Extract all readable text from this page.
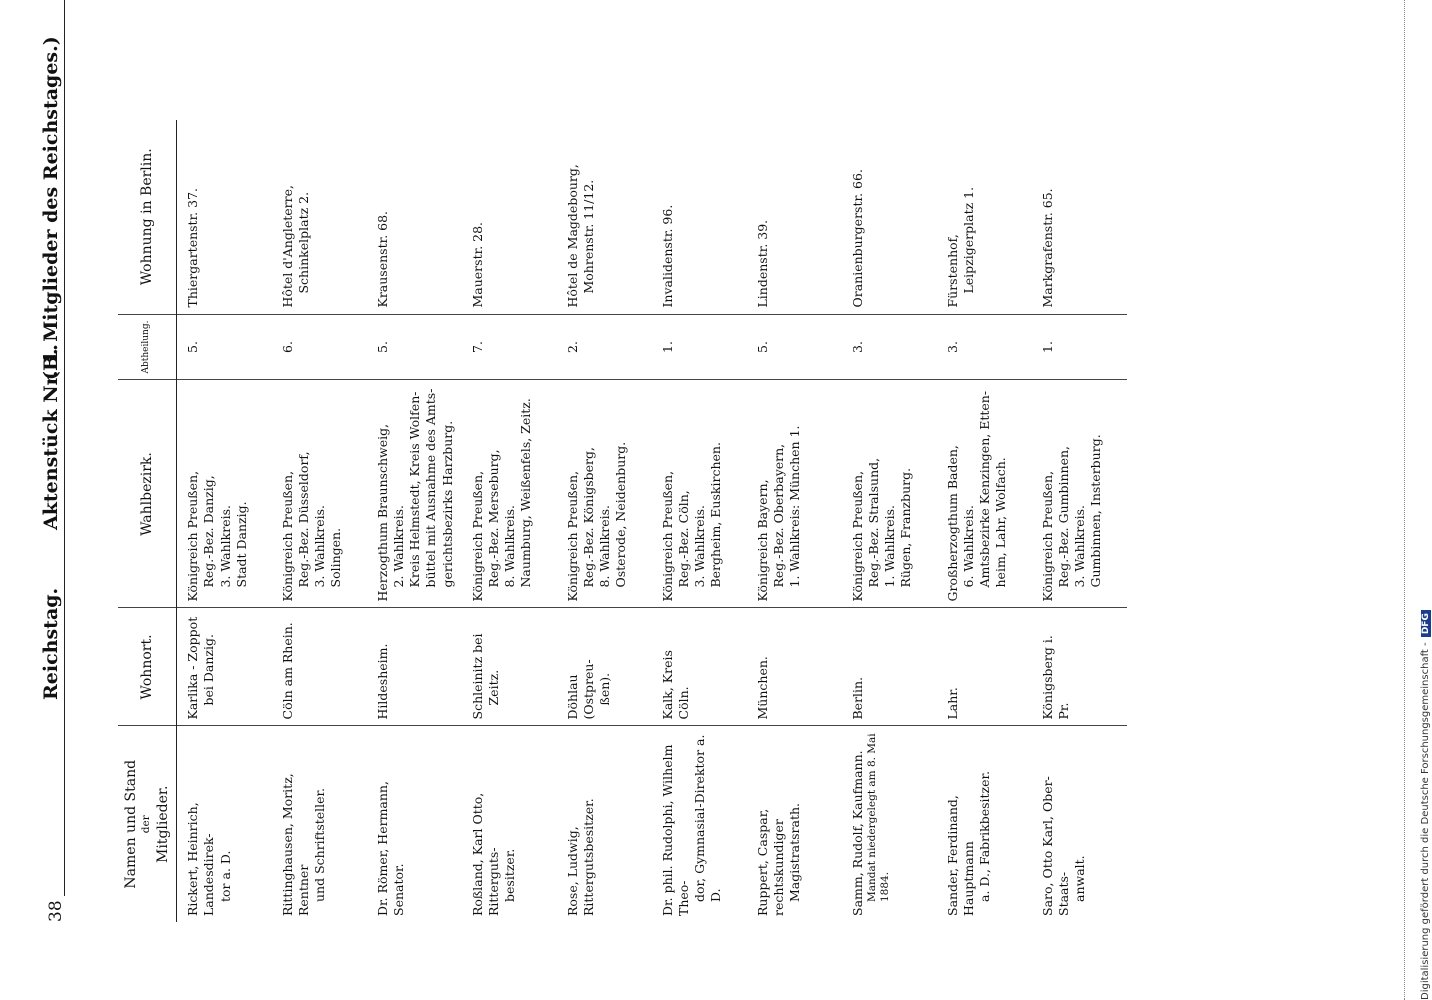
38
Reichstag.
Aktenstück Nr. 1.
(B. Mitglieder des Reichstages.)
Namen und Stand der Mitglieder.	Wohnort.	Wahlbezirk.	Abtheilung.	Wohnung in Berlin.

Rickert, Heinrich, Landesdirek- tor a. D.	Karlika - Zoppot bei Danzig.	Königreich Preußen, Reg.-Bez. Danzig, 3. Wahlkreis. Stadt Danzig.	5.	Thiergartenstr. 37.

Rittinghausen, Moritz, Rentner und Schriftsteller.	Cöln am Rhein.	Königreich Preußen, Reg.-Bez. Düsseldorf, 3. Wahlkreis. Solingen.	6.	Hôtel d'Angleterre, Schinkelplatz 2.

Dr. Römer, Hermann, Senator.	Hildesheim.	Herzogthum Braunschweig, 2. Wahlkreis. Kreis Helmstedt, Kreis Wolfen- büttel mit Ausnahme des Amts- gerichtsbezirks Harzburg.	5.	Krausenstr. 68.

Roßland, Karl Otto, Ritterguts- besitzer.	Schleinitz bei Zeitz.	Königreich Preußen, Reg.-Bez. Merseburg, 8. Wahlkreis. Naumburg, Weißenfels, Zeitz.	7.	Mauerstr. 28.

Rose, Ludwig, Rittergutsbesitzer.	Döhlau (Ostpreu- ßen).	Königreich Preußen, Reg.-Bez. Königsberg, 8. Wahlkreis. Osterode, Neidenburg.	2.	Hôtel de Magdebourg, Mohrenstr. 11/12.

Dr. phil. Rudolphi, Wilhelm Theo- dor, Gymnasial-Direktor a. D.	Kalk, Kreis Cöln.	Königreich Preußen, Reg.-Bez. Cöln, 3. Wahlkreis. Bergheim, Euskirchen.	1.	Invalidenstr. 96.

Ruppert, Caspar, rechtskundiger Magistratsrath.	München.	Königreich Bayern, Reg.-Bez. Oberbayern, 1. Wahlkreis: München 1.	5.	Lindenstr. 39.

Samm, Rudolf, Kaufmann. Mandat niedergelegt am 8. Mai 1884.	Berlin.	Königreich Preußen, Reg.-Bez. Stralsund, 1. Wahlkreis. Rügen, Franzburg.	3.	Oranienburgerstr. 66.

Sander, Ferdinand, Hauptmann a. D., Fabrikbesitzer.	Lahr.	Großherzogthum Baden, 6. Wahlkreis. Amtsbezirke Kenzingen, Etten- heim, Lahr, Wolfach.	3.	Fürstenhof, Leipzigerplatz 1.

Saro, Otto Karl, Ober-Staats- anwalt.	Königsberg i. Pr.	Königreich Preußen, Reg.-Bez. Gumbinnen, 3. Wahlkreis. Gumbinnen, Insterburg.	1.	Markgrafenstr. 65.
Digitalisierung gefördert durch die Deutsche Forschungsgemeinschaft - DFG
